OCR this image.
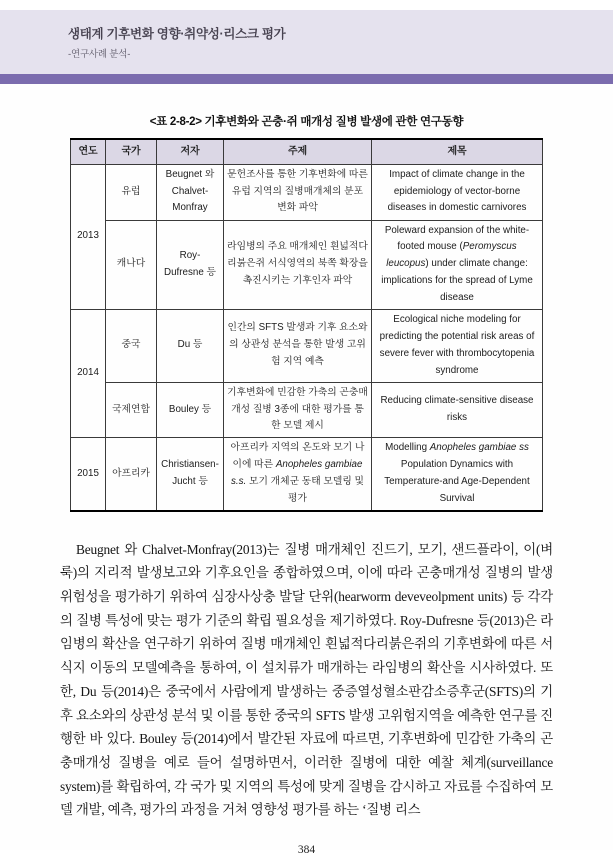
생태계 기후변화 영향·취약성·리스크 평가
-연구사례 분석-
<표 2-8-2> 기후변화와 곤충·쥐 매개성 질병 발생에 관한 연구동향
연도	국가	저자	주제	제목
2013	유럽	Beugnet 와 Chalvet-Monfray	문헌조사를 통한 기후변화에 따른 유럽 지역의 질병매개체의 분포 변화 파악	Impact of climate change in the epidemiology of vector-borne diseases in domestic carnivores
	캐나다	Roy-Dufresne 등	라임병의 주요 매개체인 흰넓적다리붉은쥐 서식영역의 북쪽 확장을 촉진시키는 기후인자 파악	Poleward expansion of the white-footed mouse (Peromyscus leucopus) under climate change: implications for the spread of Lyme disease
2014	중국	Du 등	인간의 SFTS 발생과 기후 요소와의 상관성 분석을 통한 발생 고위험 지역 예측	Ecological niche modeling for predicting the potential risk areas of severe fever with thrombocytopenia syndrome
	국제연합	Bouley 등	기후변화에 민감한 가축의 곤충매개성 질병 3종에 대한 평가를 통한 모델 제시	Reducing climate-sensitive disease risks
2015	아프리카	Christiansen-Jucht 등	아프리카 지역의 온도와 모기 나이에 따른 Anopheles gambiae s.s. 모기 개체군 동태 모델링 및 평가	Modelling Anopheles gambiae ss Population Dynamics with Temperature-and Age-Dependent Survival

Beugnet 와 Chalvet-Monfray(2013)는 질병 매개체인 진드기, 모기, 샌드플라이, 이(벼룩)의 지리적 발생보고와 기후요인을 종합하였으며, 이에 따라 곤충매개성 질병의 발생 위험성을 평가하기 위하여 심장사상충 발달 단위(hearworm deveveolpment units) 등 각각의 질병 특성에 맞는 평가 기준의 확립 필요성을 제기하였다. Roy-Dufresne 등(2013)은 라임병의 확산을 연구하기 위하여 질병 매개체인 흰넓적다리붉은쥐의 기후변화에 따른 서식지 이동의 모델예측을 통하여, 이 설치류가 매개하는 라임병의 확산을 시사하였다. 또한, Du 등(2014)은 중국에서 사람에게 발생하는 중증열성혈소판감소증후군(SFTS)의 기후 요소와의 상관성 분석 및 이를 통한 중국의 SFTS 발생 고위험지역을 예측한 연구를 진행한 바 있다. Bouley 등(2014)에서 발간된 자료에 따르면, 기후변화에 민감한 가축의 곤충매개성 질병을 예로 들어 설명하면서, 이러한 질병에 대한 예찰 체계(surveillance system)를 확립하여, 각 국가 및 지역의 특성에 맞게 질병을 감시하고 자료를 수집하여 모델 개발, 예측, 평가의 과정을 거쳐 영향성 평가를 하는 ‘질병 리스

384
